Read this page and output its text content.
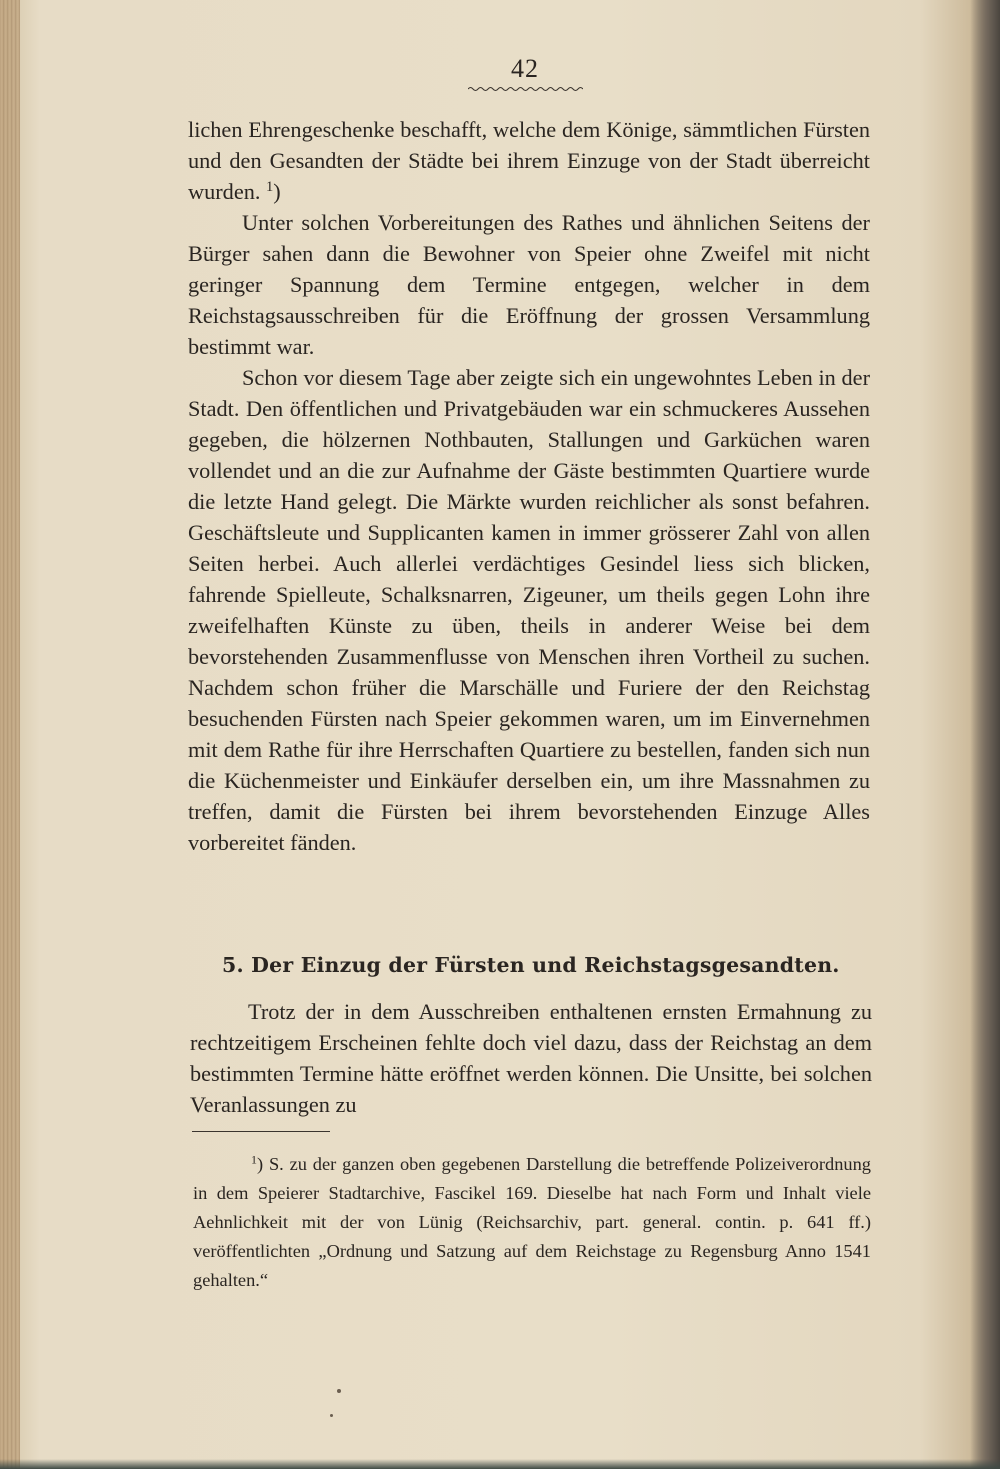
42

lichen Ehrengeschenke beschafft, welche dem Könige, sämmtlichen Fürsten und den Gesandten der Städte bei ihrem Einzuge von der Stadt überreicht wurden. $^1$)

Unter solchen Vorbereitungen des Rathes und ähnlichen Seitens der Bürger sahen dann die Bewohner von Speier ohne Zweifel mit nicht geringer Spannung dem Termine entgegen, welcher in dem Reichstagsausschreiben für die Eröffnung der grossen Versammlung bestimmt war.

Schon vor diesem Tage aber zeigte sich ein ungewohntes Leben in der Stadt. Den öffentlichen und Privatgebäuden war ein schmuckeres Aussehen gegeben, die hölzernen Nothbauten, Stallungen und Garküchen waren vollendet und an die zur Aufnahme der Gäste bestimmten Quartiere wurde die letzte Hand gelegt. Die Märkte wurden reichlicher als sonst befahren. Geschäftsleute und Supplicanten kamen in immer grösserer Zahl von allen Seiten herbei. Auch allerlei verdächtiges Gesindel liess sich blicken, fahrende Spielleute, Schalksnarren, Zigeuner, um theils gegen Lohn ihre zweifelhaften Künste zu üben, theils in anderer Weise bei dem bevorstehenden Zusammenflusse von Menschen ihren Vortheil zu suchen. Nachdem schon früher die Marschälle und Furiere der den Reichstag besuchenden Fürsten nach Speier gekommen waren, um im Einvernehmen mit dem Rathe für ihre Herrschaften Quartiere zu bestellen, fanden sich nun die Küchenmeister und Einkäufer derselben ein, um ihre Massnahmen zu treffen, damit die Fürsten bei ihrem bevorstehenden Einzuge Alles vorbereitet fänden.

5. Der Einzug der Fürsten und Reichstagsgesandten.

Trotz der in dem Ausschreiben enthaltenen ernsten Ermahnung zu rechtzeitigem Erscheinen fehlte doch viel dazu, dass der Reichstag an dem bestimmten Termine hätte eröffnet werden können. Die Unsitte, bei solchen Veranlassungen zu

$^1$) S. zu der ganzen oben gegebenen Darstellung die betreffende Polizeiverordnung in dem Speierer Stadtarchive, Fascikel 169. Dieselbe hat nach Form und Inhalt viele Aehnlichkeit mit der von Lünig (Reichsarchiv, part. general. contin. p. 641 ff.) veröffentlichten „Ordnung und Satzung auf dem Reichstage zu Regensburg Anno 1541 gehalten.“
